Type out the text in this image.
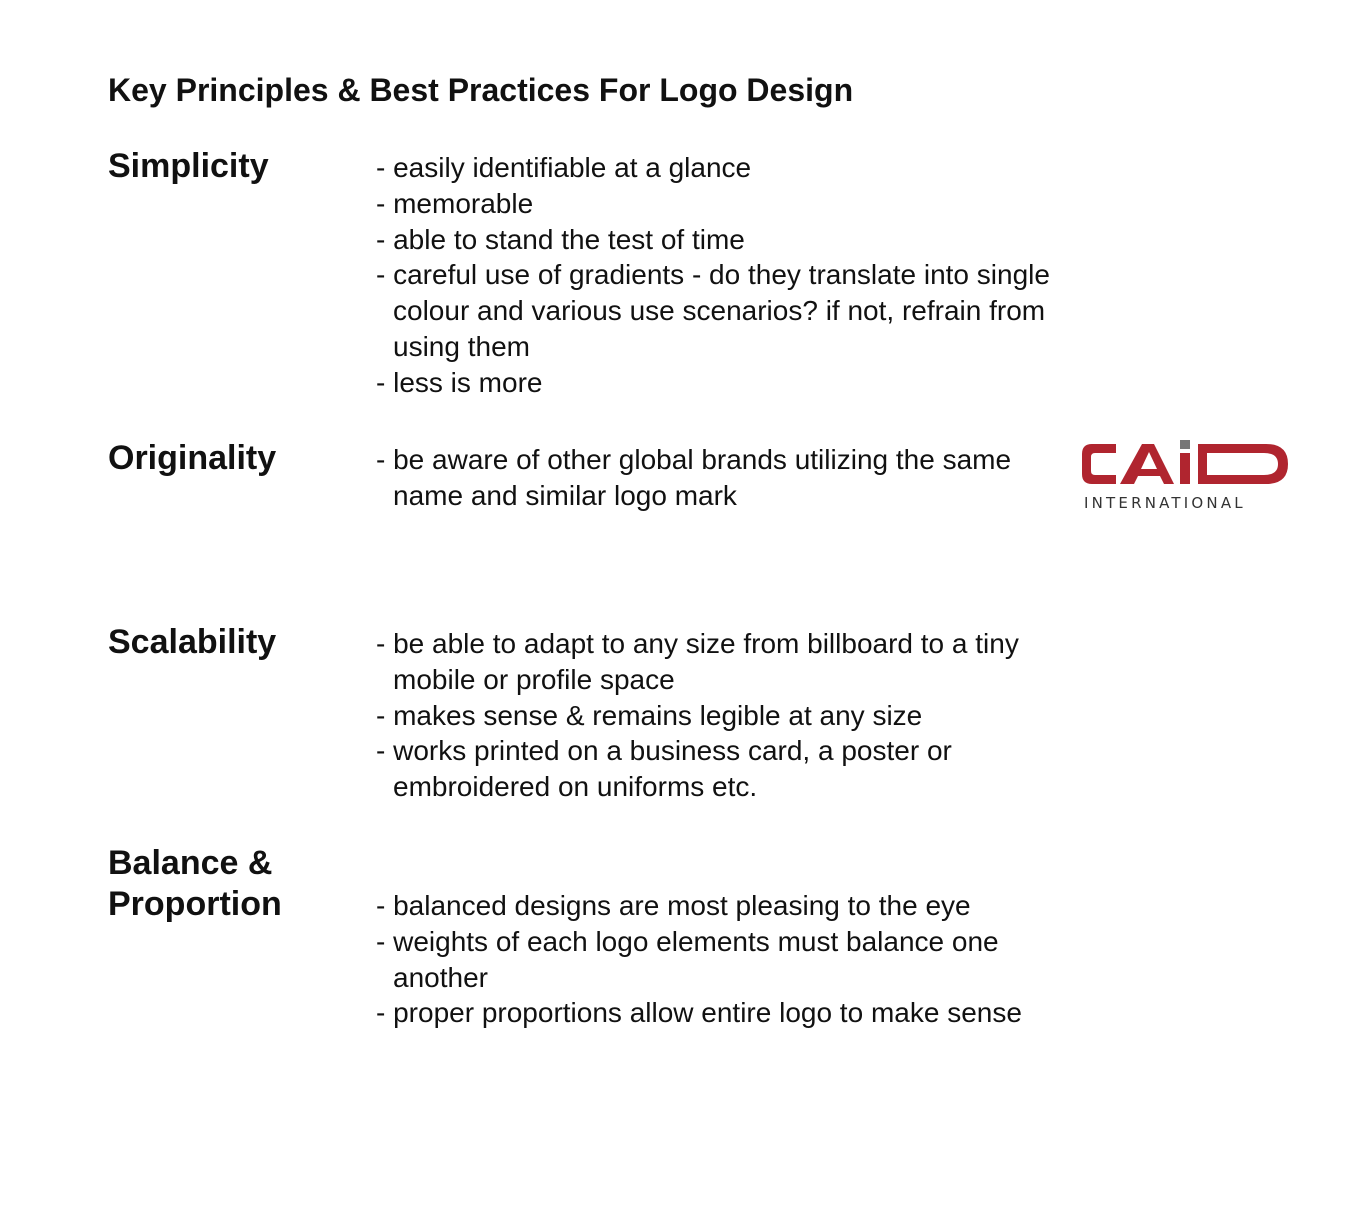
Key Principles & Best Practices For Logo Design
Simplicity	- easily identifiable at a glance
- memorable
- able to stand the test of time
- careful use of gradients - do they translate into single colour and various use scenarios? if not, refrain from using them
- less is more
Originality	- be aware of other global brands utilizing the same name and similar logo mark	INTERNATIONAL
Scalability	- be able to adapt to any size from billboard to a tiny mobile or profile space
- makes sense & remains legible at any size
- works printed on a business card, a poster or embroidered on uniforms etc.
Balance & Proportion	- balanced designs are most pleasing to the eye
- weights of each logo elements must balance one another
- proper proportions allow entire logo to make sense
